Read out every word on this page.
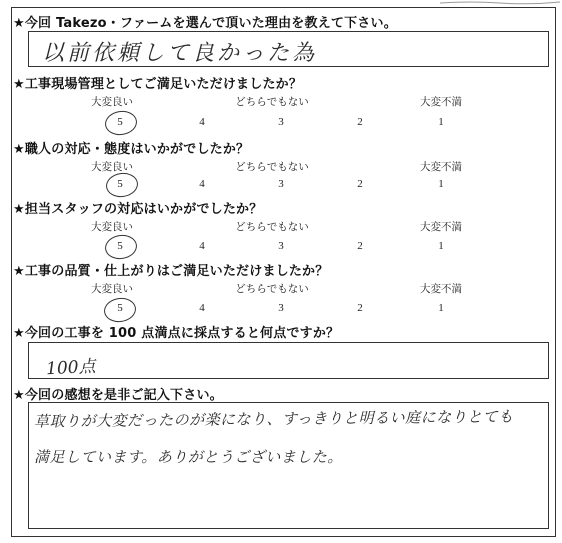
★今回 Takezo・ファームを選んで頂いた理由を教えて下さい。
以前依頼して良かった為
★工事現場管理としてご満足いただけましたか？
大変良い	どちらでもない	大変不満
5	4	3	2	1
★職人の対応・態度はいかがでしたか？
大変良い	どちらでもない	大変不満
5	4	3	2	1
★担当スタッフの対応はいかがでしたか？
大変良い	どちらでもない	大変不満
5	4	3	2	1
★工事の品質・仕上がりはご満足いただけましたか？
大変良い	どちらでもない	大変不満
5	4	3	2	1
★今回の工事を 100 点満点に採点すると何点ですか？
100点
★今回の感想を是非ご記入下さい。
草取りが大変だったのが楽になり、すっきりと明るい庭になりとても
満足しています。ありがとうございました。
